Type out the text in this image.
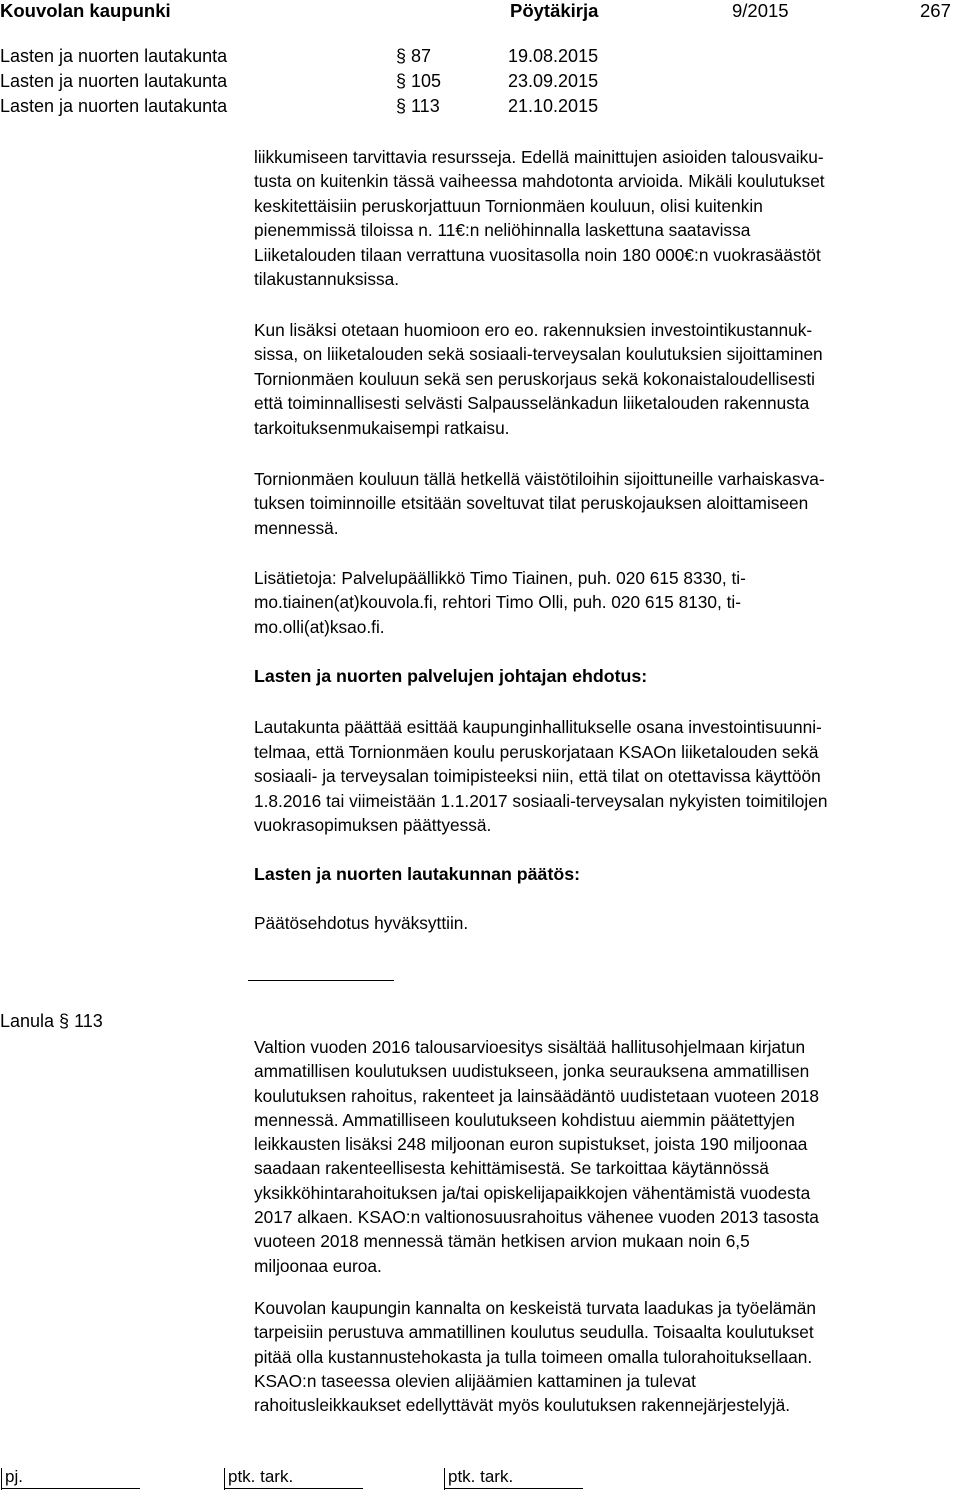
Kouvolan kaupunki	Pöytäkirja	9/2015	267
Lasten ja nuorten lautakunta	§ 87	19.08.2015
Lasten ja nuorten lautakunta	§ 105	23.09.2015
Lasten ja nuorten lautakunta	§ 113	21.10.2015

liikkumiseen tarvittavia resursseja. Edellä mainittujen asioiden talousvaiku-
tusta on kuitenkin tässä vaiheessa mahdotonta arvioida. Mikäli koulutukset
keskitettäisiin peruskorjattuun Tornionmäen kouluun, olisi kuitenkin
pienemmissä tiloissa n. 11€:n neliöhinnalla laskettuna saatavissa
Liiketalouden tilaan verrattuna vuositasolla noin 180 000€:n vuokrasäästöt
tilakustannuksissa.

Kun lisäksi otetaan huomioon ero eo. rakennuksien investointikustannuk-
sissa, on liiketalouden sekä sosiaali-terveysalan koulutuksien sijoittaminen
Tornionmäen kouluun sekä sen peruskorjaus sekä kokonaistaloudellisesti
että toiminnallisesti selvästi Salpausselänkadun liiketalouden rakennusta
tarkoituksenmukaisempi ratkaisu.

Tornionmäen kouluun tällä hetkellä väistötiloihin sijoittuneille varhaiskasva-
tuksen toiminnoille etsitään soveltuvat tilat peruskojauksen aloittamiseen
mennessä.

Lisätietoja: Palvelupäällikkö Timo Tiainen, puh. 020 615 8330, ti-
mo.tiainen(at)kouvola.fi, rehtori Timo Olli, puh. 020 615 8130, ti-
mo.olli(at)ksao.fi.

Lasten ja nuorten palvelujen johtajan ehdotus:

Lautakunta päättää esittää kaupunginhallitukselle osana investointisuunni-
telmaa, että Tornionmäen koulu peruskorjataan KSAOn liiketalouden sekä
sosiaali- ja terveysalan toimipisteeksi niin, että tilat on otettavissa käyttöön
1.8.2016 tai viimeistään 1.1.2017 sosiaali-terveysalan nykyisten toimitilojen
vuokrasopimuksen päättyessä.

Lasten ja nuorten lautakunnan päätös:

Päätösehdotus hyväksyttiin.

Lanula § 113

Valtion vuoden 2016 talousarvioesitys sisältää hallitusohjelmaan kirjatun
ammatillisen koulutuksen uudistukseen, jonka seurauksena ammatillisen
koulutuksen rahoitus, rakenteet ja lainsäädäntö uudistetaan vuoteen 2018
mennessä. Ammatilliseen koulutukseen kohdistuu aiemmin päätettyjen
leikkausten lisäksi 248 miljoonan euron supistukset, joista 190 miljoonaa
saadaan rakenteellisesta kehittämisestä. Se tarkoittaa käytännössä
yksikköhintarahoituksen ja/tai opiskelijapaikkojen vähentämistä vuodesta
2017 alkaen. KSAO:n valtionosuusrahoitus vähenee vuoden 2013 tasosta
vuoteen 2018 mennessä tämän hetkisen arvion mukaan noin 6,5
miljoonaa euroa.

Kouvolan kaupungin kannalta on keskeistä turvata laadukas ja työelämän
tarpeisiin perustuva ammatillinen koulutus seudulla. Toisaalta koulutukset
pitää olla kustannustehokasta ja tulla toimeen omalla tulorahoituksellaan.
KSAO:n taseessa olevien alijäämien kattaminen ja tulevat
rahoitusleikkaukset edellyttävät myös koulutuksen rakennejärjestelyjä.

pj.	ptk. tark.	ptk. tark.
